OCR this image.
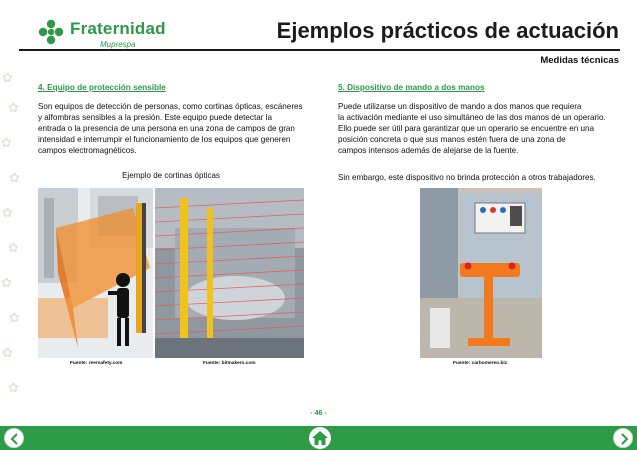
✿
✿
✿
✿
✿
✿
✿
✿
✿
✿
Fraternidad
Muprespa
Ejemplos prácticos de actuación
Medidas técnicas
4. Equipo de protección sensible
Son equipos de detección de personas, como cortinas ópticas, escáneres
y alfombras sensibles a la presión. Este equipo puede detectar la
entrada o la presencia de una persona en una zona de campos de gran
intensidad e interrumpir el funcionamiento de los equipos que generen
campos electromagnéticos.
Ejemplo de cortinas ópticas
Fuente: reersafety.com	Fuente: bitmakers.com
5. Dispositivo de mando a dos manos
Puede utilizarse un dispositivo de mando a dos manos que requiera
la activación mediante el uso simultáneo de las dos manos de un operario.
Ello puede ser útil para garantizar que un operario se encuentre en una
posición concreta o que sus manos estén fuera de una zona de
campos intensos además de alejarse de la fuente.
Sin embargo, este dispositivo no brinda protección a otros trabajadores.
Fuente: carbomereo.biz
- 46 -
